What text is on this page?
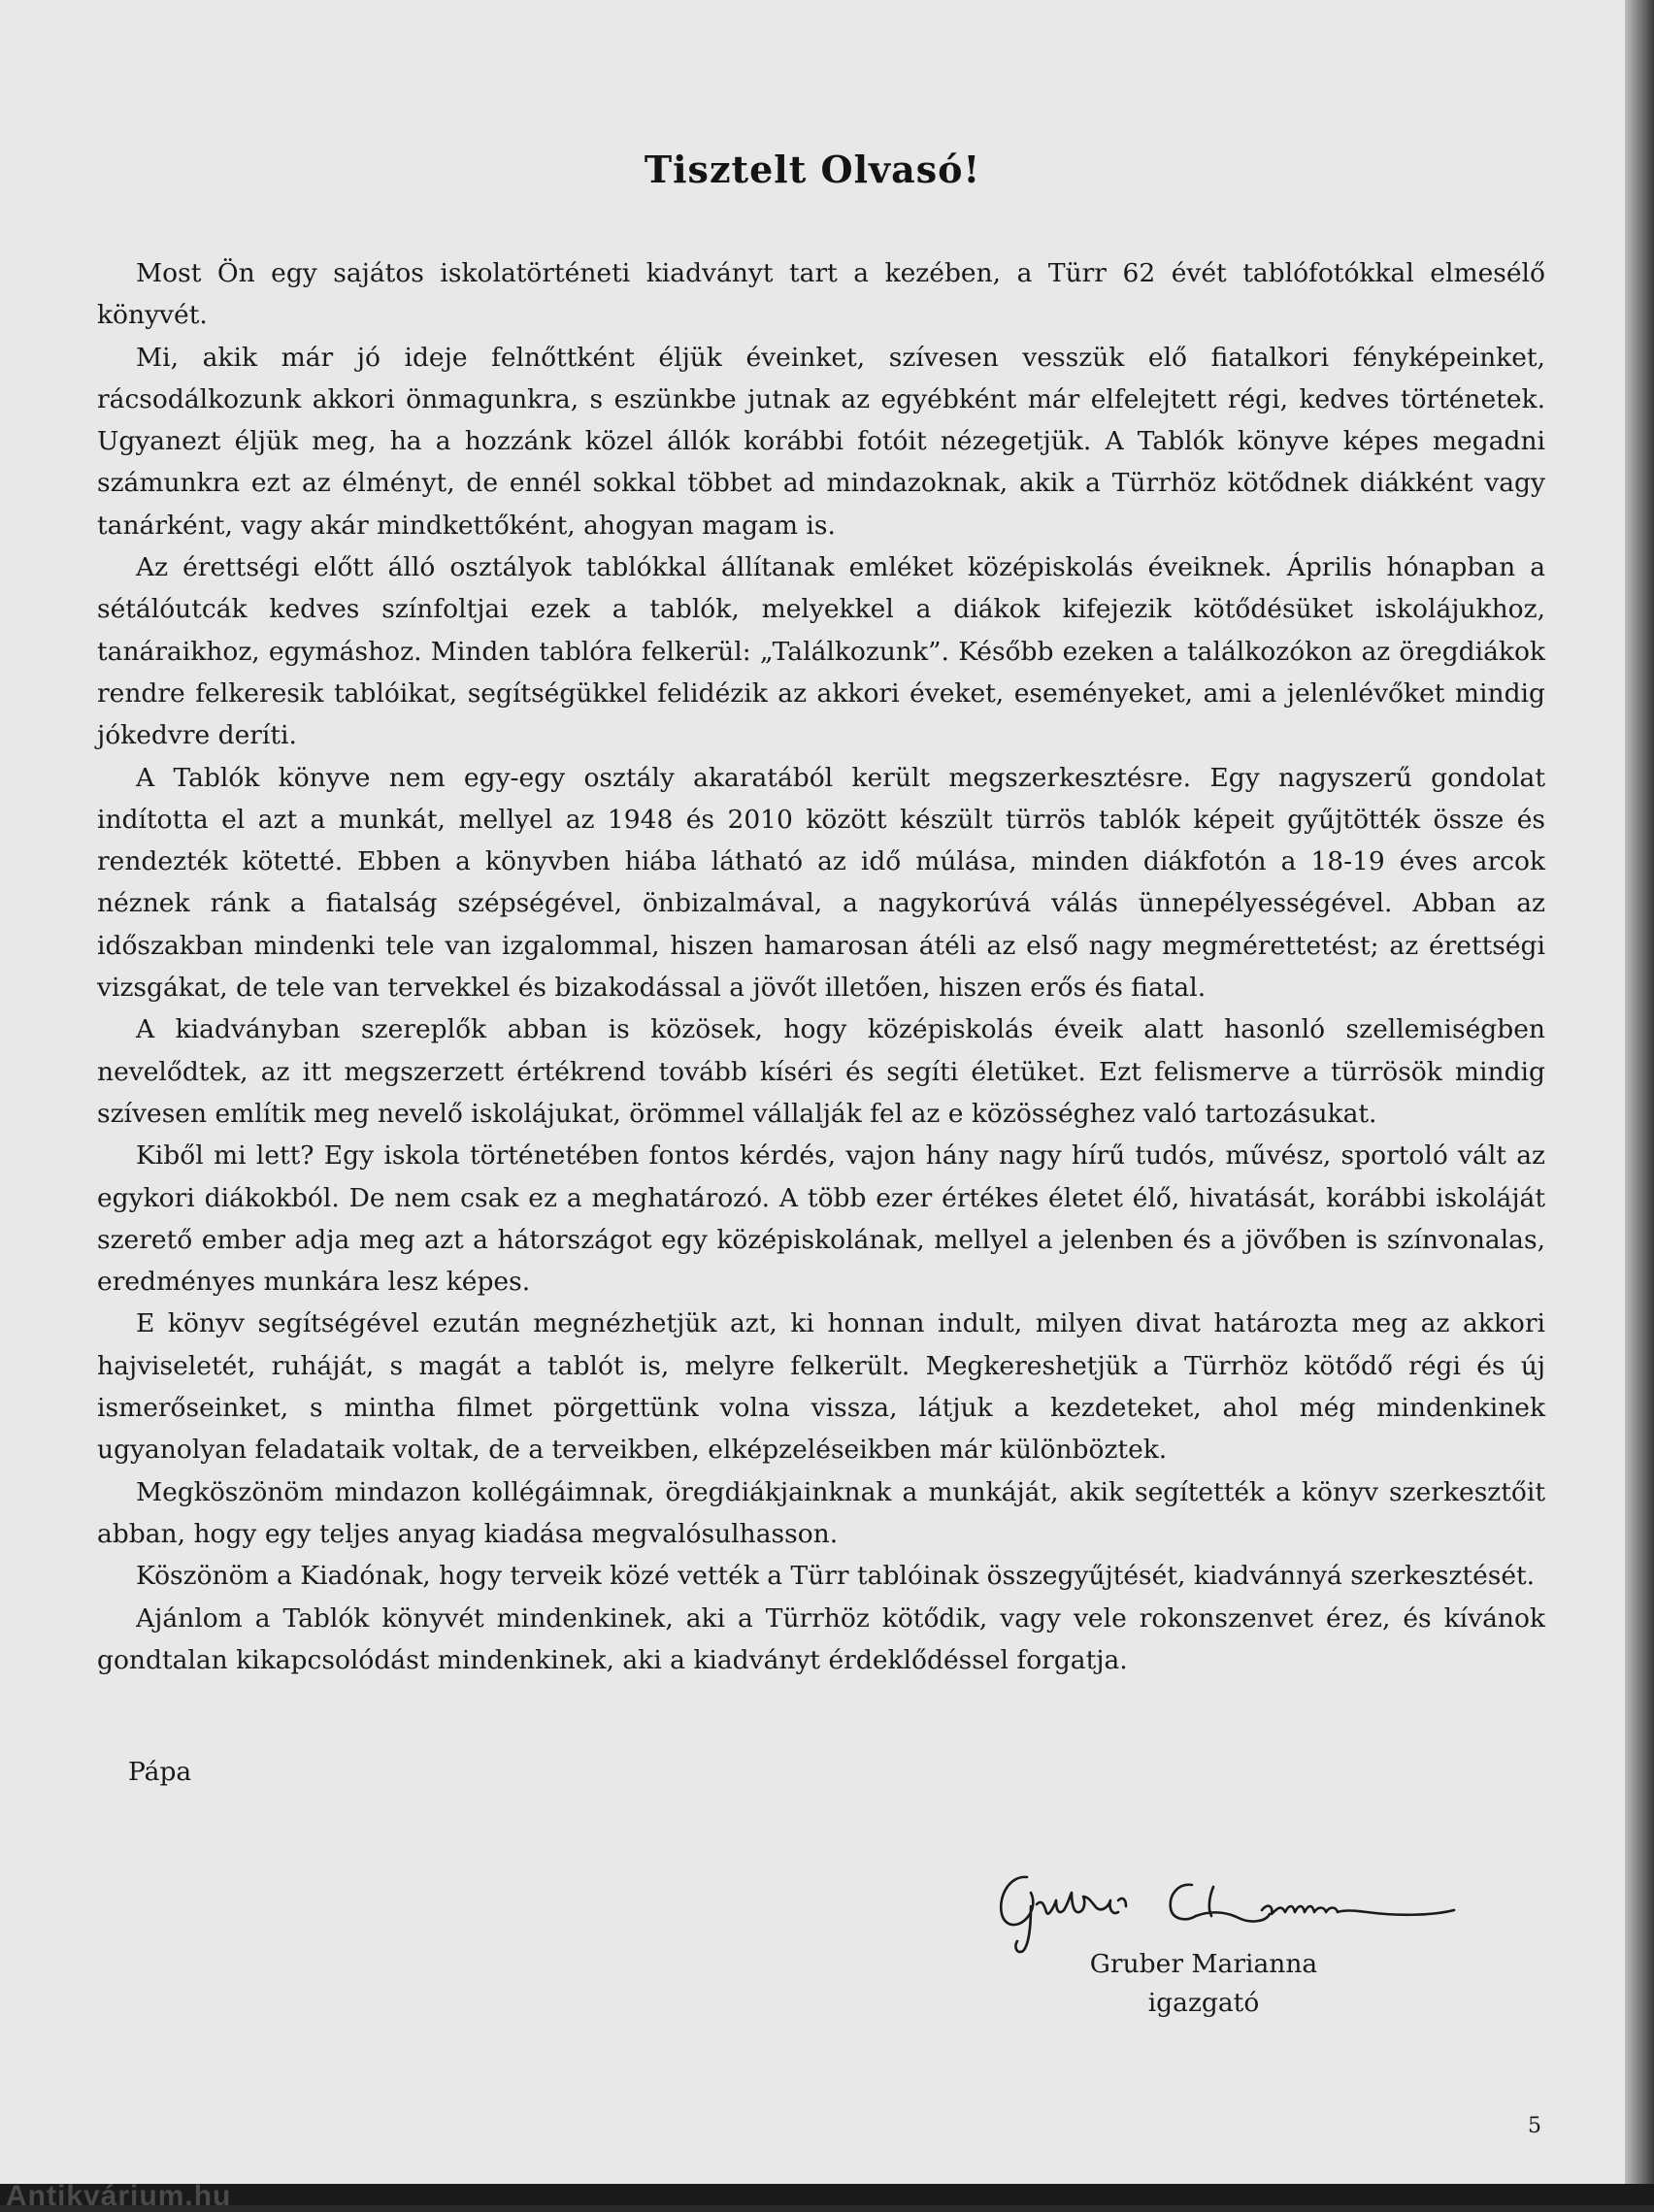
Tisztelt Olvasó!

Most Ön egy sajátos iskolatörténeti kiadványt tart a kezében, a Türr 62 évét tablófotókkal elmesélő könyvét.

Mi, akik már jó ideje felnőttként éljük éveinket, szívesen vesszük elő fiatalkori fényképeinket, rácsodálkozunk akkori önmagunkra, s eszünkbe jutnak az egyébként már elfelejtett régi, kedves történetek. Ugyanezt éljük meg, ha a hozzánk közel állók korábbi fotóit nézegetjük. A Tablók könyve képes megadni számunkra ezt az élményt, de ennél sokkal többet ad mindazoknak, akik a Türrhöz kötődnek diákként vagy tanárként, vagy akár mindkettőként, ahogyan magam is.

Az érettségi előtt álló osztályok tablókkal állítanak emléket középiskolás éveiknek. Április hónapban a sétálóutcák kedves színfoltjai ezek a tablók, melyekkel a diákok kifejezik kötődésüket iskolájukhoz, tanáraikhoz, egymáshoz. Minden tablóra felkerül: „Találkozunk”. Később ezeken a találkozókon az öregdiákok rendre felkeresik tablóikat, segítségükkel felidézik az akkori éveket, eseményeket, ami a jelenlévőket mindig jókedvre deríti.

A Tablók könyve nem egy-egy osztály akaratából került megszerkesztésre. Egy nagyszerű gondolat indította el azt a munkát, mellyel az 1948 és 2010 között készült türrös tablók képeit gyűjtötték össze és rendezték kötetté. Ebben a könyvben hiába látható az idő múlása, minden diákfotón a 18-19 éves arcok néznek ránk a fiatalság szépségével, önbizalmával, a nagykorúvá válás ünnepélyességével. Abban az időszakban mindenki tele van izgalommal, hiszen hamarosan átéli az első nagy megmérettetést; az érettségi vizsgákat, de tele van tervekkel és bizakodással a jövőt illetően, hiszen erős és fiatal.

A kiadványban szereplők abban is közösek, hogy középiskolás éveik alatt hasonló szellemiségben nevelődtek, az itt megszerzett értékrend tovább kíséri és segíti életüket. Ezt felismerve a türrösök mindig szívesen említik meg nevelő iskolájukat, örömmel vállalják fel az e közösséghez való tartozásukat.

Kiből mi lett? Egy iskola történetében fontos kérdés, vajon hány nagy hírű tudós, művész, sportoló vált az egykori diákokból. De nem csak ez a meghatározó. A több ezer értékes életet élő, hivatását, korábbi iskoláját szerető ember adja meg azt a hátországot egy középiskolának, mellyel a jelenben és a jövőben is színvonalas, eredményes munkára lesz képes.

E könyv segítségével ezután megnézhetjük azt, ki honnan indult, milyen divat határozta meg az akkori hajviseletét, ruháját, s magát a tablót is, melyre felkerült. Megkereshetjük a Türrhöz kötődő régi és új ismerőseinket, s mintha filmet pörgettünk volna vissza, látjuk a kezdeteket, ahol még mindenkinek ugyanolyan feladataik voltak, de a terveikben, elképzeléseikben már különböztek.

Megköszönöm mindazon kollégáimnak, öregdiákjainknak a munkáját, akik segítették a könyv szerkesztőit abban, hogy egy teljes anyag kiadása megvalósulhasson.

Köszönöm a Kiadónak, hogy terveik közé vették a Türr tablóinak összegyűjtését, kiadvánnyá szerkesztését.

Ajánlom a Tablók könyvét mindenkinek, aki a Türrhöz kötődik, vagy vele rokonszenvet érez, és kívánok gondtalan kikapcsolódást mindenkinek, aki a kiadványt érdeklődéssel forgatja.

Pápa
Gruber Marianna
igazgató
5
Antikvárium.hu
